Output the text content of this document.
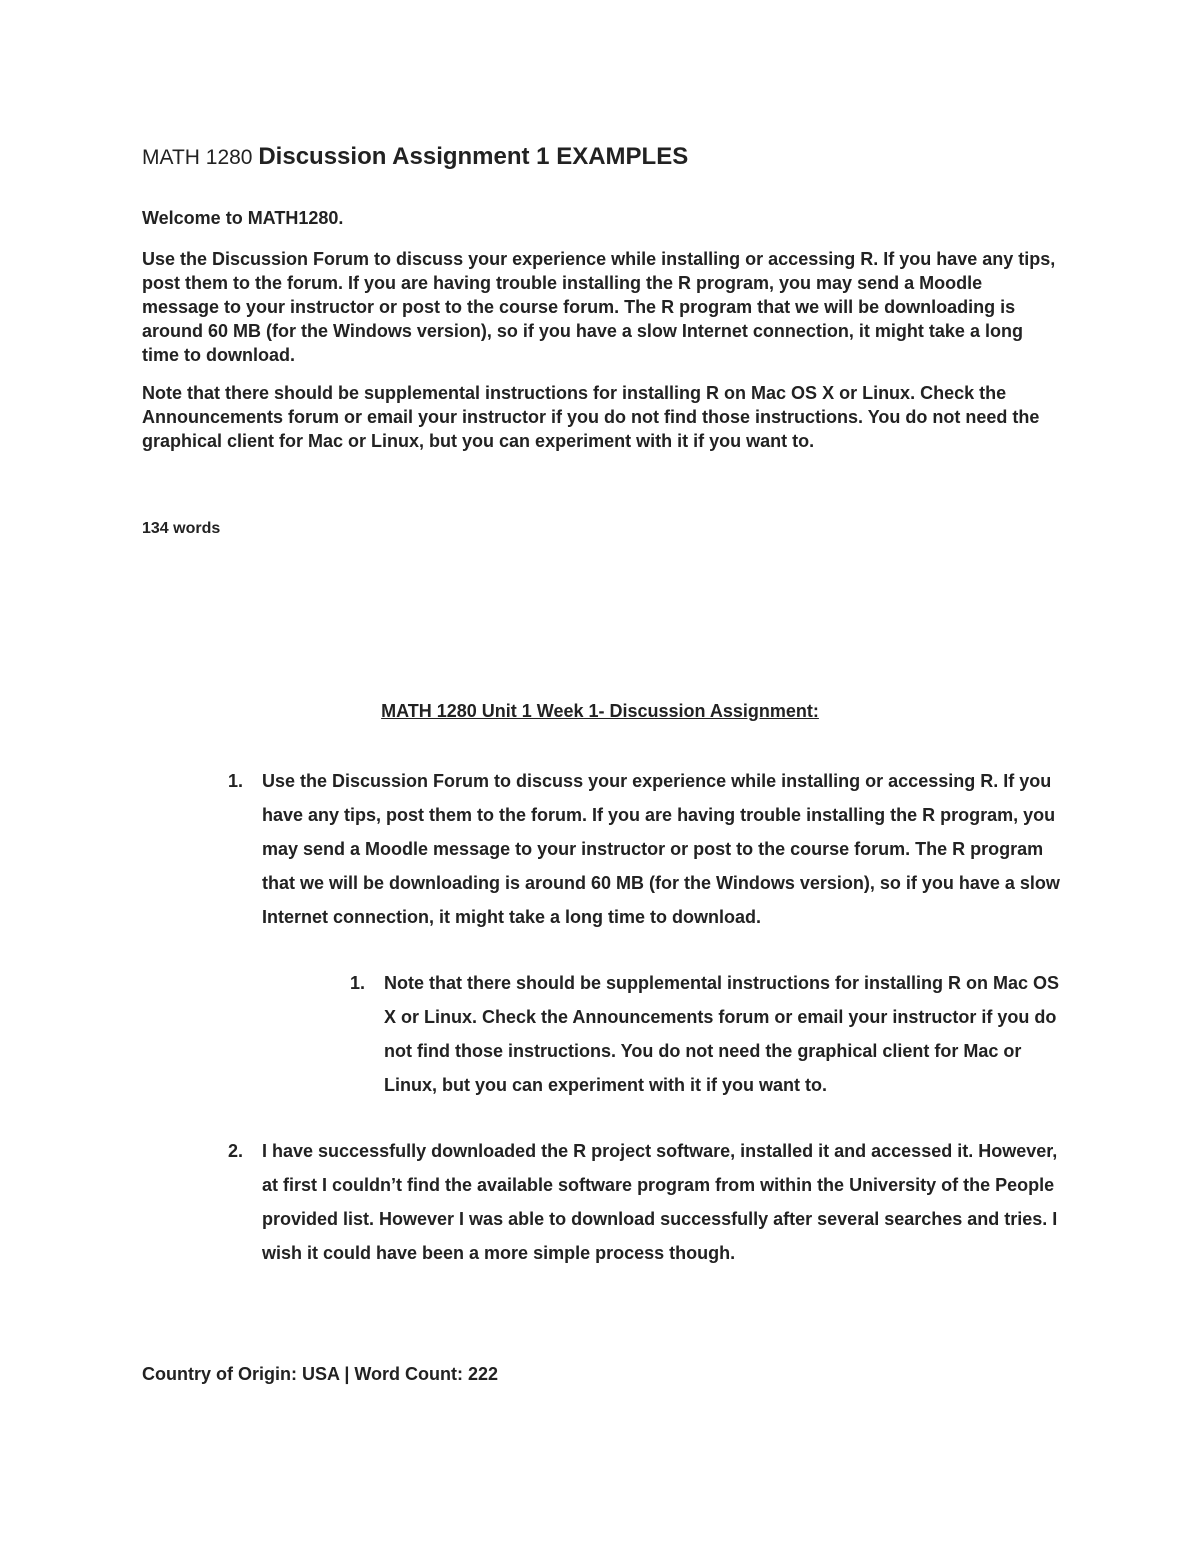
MATH 1280 Discussion Assignment 1 EXAMPLES
Welcome to MATH1280.

Use the Discussion Forum to discuss your experience while installing or accessing R. If you have any tips, post them to the forum. If you are having trouble installing the R program, you may send a Moodle message to your instructor or post to the course forum. The R program that we will be downloading is around 60 MB (for the Windows version), so if you have a slow Internet connection, it might take a long time to download.

Note that there should be supplemental instructions for installing R on Mac OS X or Linux. Check the Announcements forum or email your instructor if you do not find those instructions. You do not need the graphical client for Mac or Linux, but you can experiment with it if you want to.

134 words
MATH 1280 Unit 1 Week 1- Discussion Assignment:
1. Use the Discussion Forum to discuss your experience while installing or accessing R. If you have any tips, post them to the forum. If you are having trouble installing the R program, you may send a Moodle message to your instructor or post to the course forum. The R program that we will be downloading is around 60 MB (for the Windows version), so if you have a slow Internet connection, it might take a long time to download.
1. Note that there should be supplemental instructions for installing R on Mac OS X or Linux. Check the Announcements forum or email your instructor if you do not find those instructions. You do not need the graphical client for Mac or Linux, but you can experiment with it if you want to.
2. I have successfully downloaded the R project software, installed it and accessed it. However, at first I couldn’t find the available software program from within the University of the People provided list. However I was able to download successfully after several searches and tries. I wish it could have been a more simple process though.
Country of Origin: USA | Word Count: 222
